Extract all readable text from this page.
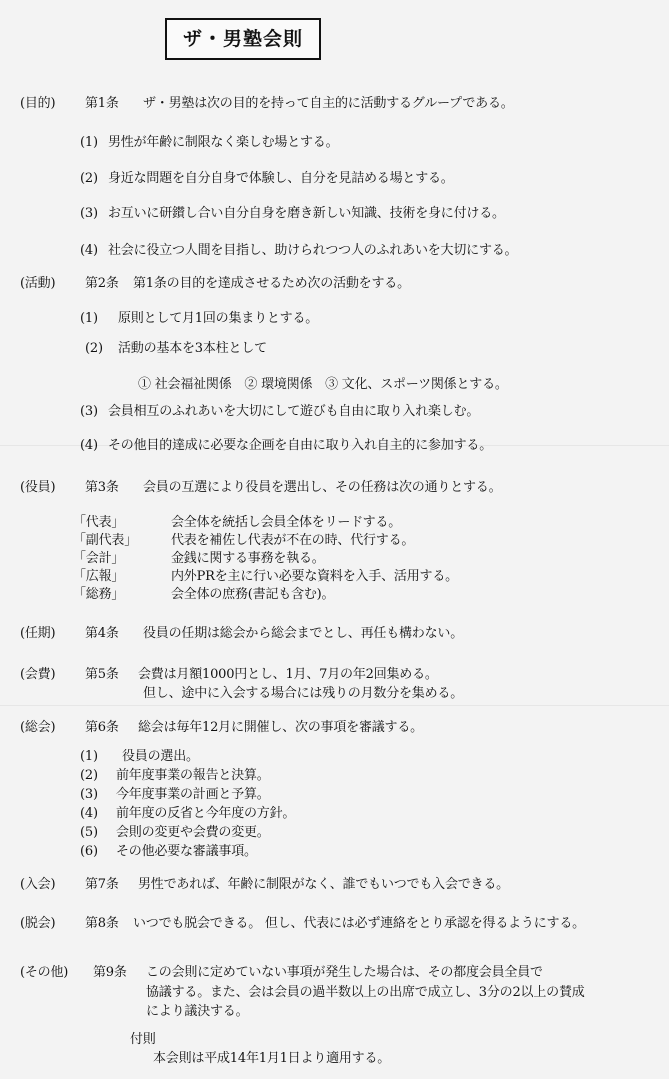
ザ・男塾会則
(目的) 第1条 ザ・男塾は次の目的を持って自主的に活動するグループである。
(1) 男性が年齢に制限なく楽しむ場とする。
(2) 身近な問題を自分自身で体験し、自分を見詰める場とする。
(3) お互いに研鑚し合い自分自身を磨き新しい知識、技術を身に付ける。
(4) 社会に役立つ人間を目指し、助けられつつ人のふれあいを大切にする。
(活動) 第2条 第1条の目的を達成させるため次の活動をする。
(1) 原則として月1回の集まりとする。
(2) 活動の基本を3本柱として
① 社会福祉関係　② 環境関係　③ 文化、スポーツ関係とする。
(3) 会員相互のふれあいを大切にして遊びも自由に取り入れ楽しむ。
(4) その他目的達成に必要な企画を自由に取り入れ自主的に参加する。
(役員) 第3条 会員の互選により役員を選出し、その任務は次の通りとする。
「代表」	会全体を統括し会員全体をリードする。
「副代表」	代表を補佐し代表が不在の時、代行する。
「会計」	金銭に関する事務を執る。
「広報」	内外PRを主に行い必要な資料を入手、活用する。
「総務」	会全体の庶務(書記も含む)。
(任期) 第4条 役員の任期は総会から総会までとし、再任も構わない。
(会費) 第5条 会費は月額1000円とし、1月、7月の年2回集める。
但し、途中に入会する場合には残りの月数分を集める。
(総会) 第6条 総会は毎年12月に開催し、次の事項を審議する。
(1) 役員の選出。
(2) 前年度事業の報告と決算。
(3) 今年度事業の計画と予算。
(4) 前年度の反省と今年度の方針。
(5) 会則の変更や会費の変更。
(6) その他必要な審議事項。
(入会) 第7条 男性であれば、年齢に制限がなく、誰でもいつでも入会できる。
(脱会) 第8条 いつでも脱会できる。 但し、代表には必ず連絡をとり承認を得るようにする。
(その他) 第9条 この会則に定めていない事項が発生した場合は、その都度会員全員で
協議する。また、会は会員の過半数以上の出席で成立し、3分の2以上の賛成
により議決する。
付則
本会則は平成14年1月1日より適用する。
